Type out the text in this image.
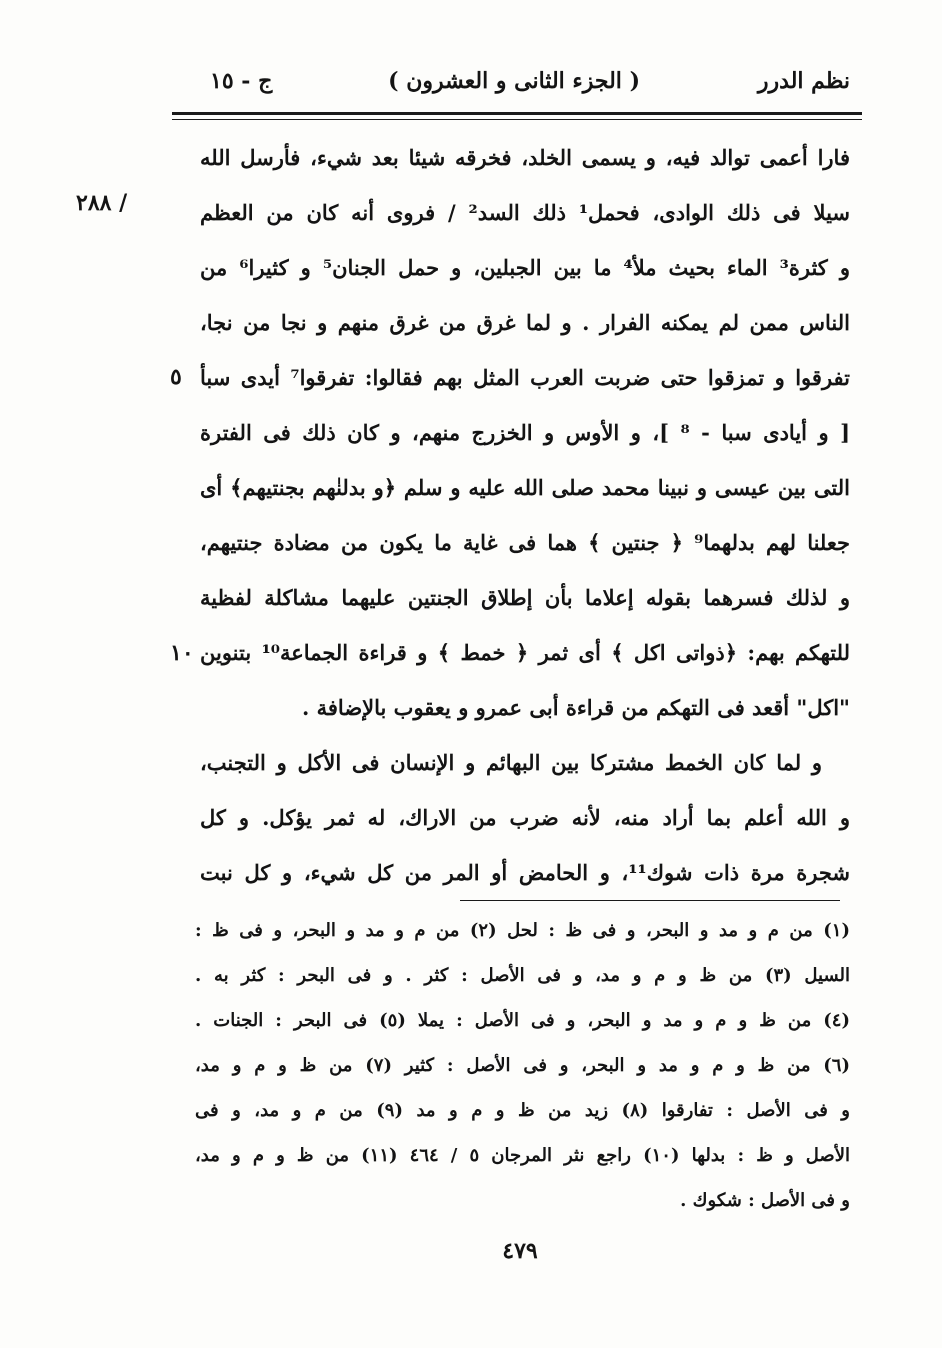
نظم الدرر
( الجزء الثانى و العشرون )
ج - ١٥
/ ٢٨٨
٥
١٠
فارا أعمى توالد فيه، و يسمى الخلد، فخرقه شيئا بعد شيء، فأرسل الله
سيلا فى ذلك الوادى، فحمل¹ ذلك السد² / فروى أنه كان من العظم
و كثرة³ الماء بحيث ملأ⁴ ما بين الجبلين، و حمل الجنان⁵ و كثيرا⁶ من
الناس ممن لم يمكنه الفرار . و لما غرق من غرق منهم و نجا من نجا،
تفرقوا و تمزقوا حتى ضربت العرب المثل بهم فقالوا: تفرقوا⁷ أيدى سبأ
[ و أيادى سبا - ⁸ ]، و الأوس و الخزرج منهم، و كان ذلك فى الفترة
التى بين عيسى و نبينا محمد صلى الله عليه و سلم ﴿و بدلنٰهم بجنتيهم﴾ أى
جعلنا لهم بدلهما⁹ ﴿ جنتين ﴾ هما فى غاية ما يكون من مضادة جنتيهم،
و لذلك فسرهما بقوله إعلاما بأن إطلاق الجنتين عليهما مشاكلة لفظية
للتهكم بهم: ﴿ذواتى اكل ﴾ أى ثمر ﴿ خمط ﴾ و قراءة الجماعة¹⁰ بتنوين
"اكل" أقعد فى التهكم من قراءة أبى عمرو و يعقوب بالإضافة .
و لما كان الخمط مشتركا بين البهائم و الإنسان فى الأكل و التجنب،
و الله أعلم بما أراد منه، لأنه ضرب من الاراك، له ثمر يؤكل. و كل
شجرة مرة ذات شوك¹¹، و الحامض أو المر من كل شيء، و كل نبت
(١) من م و مد و البحر، و فى ظ : لحل (٢) من م و مد و البحر، و فى ظ :
السيل (٣) من ظ و م و مد، و فى الأصل : كثر . و فى البحر : كثر به .
(٤) من ظ و م و مد و البحر، و فى الأصل : يملا (٥) فى البحر : الجنات .
(٦) من ظ و م و مد و البحر، و فى الأصل : كثير (٧) من ظ و م و مد،
و فى الأصل : تفارقوا (٨) زيد من ظ و م و مد (٩) من م و مد، و فى
الأصل و ظ : بدلها (١٠) راجع نثر المرجان ٥ / ٤٦٤ (١١) من ظ و م و مد،
و فى الأصل : شكوك .
٤٧٩
